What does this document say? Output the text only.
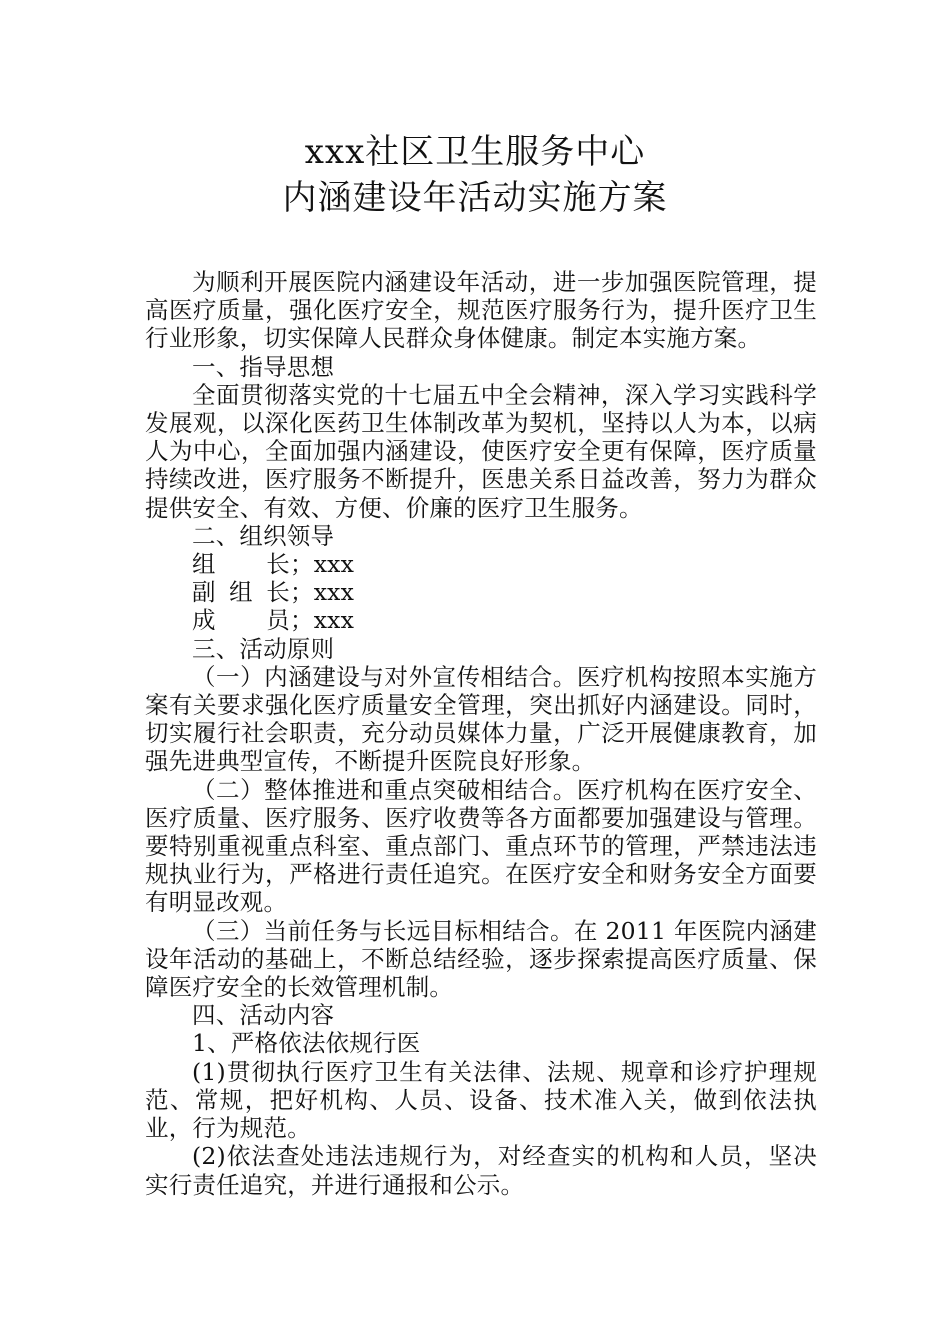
xxx社区卫生服务中心
内涵建设年活动实施方案

为顺利开展医院内涵建设年活动，进一步加强医院管理，提高医疗质量，强化医疗安全，规范医疗服务行为，提升医疗卫生行业形象，切实保障人民群众身体健康。制定本实施方案。

一、指导思想

全面贯彻落实党的十七届五中全会精神，深入学习实践科学发展观，以深化医药卫生体制改革为契机，坚持以人为本，以病人为中心，全面加强内涵建设，使医疗安全更有保障，医疗质量持续改进，医疗服务不断提升，医患关系日益改善，努力为群众提供安全、有效、方便、价廉的医疗卫生服务。

二、组织领导

组 长；xxx

副组长；xxx

成 员；xxx

三、活动原则

（一）内涵建设与对外宣传相结合。医疗机构按照本实施方案有关要求强化医疗质量安全管理，突出抓好内涵建设。同时，切实履行社会职责，充分动员媒体力量，广泛开展健康教育，加强先进典型宣传，不断提升医院良好形象。

（二）整体推进和重点突破相结合。医疗机构在医疗安全、医疗质量、医疗服务、医疗收费等各方面都要加强建设与管理。要特别重视重点科室、重点部门、重点环节的管理，严禁违法违规执业行为，严格进行责任追究。在医疗安全和财务安全方面要有明显改观。

（三）当前任务与长远目标相结合。在 2011 年医院内涵建设年活动的基础上，不断总结经验，逐步探索提高医疗质量、保障医疗安全的长效管理机制。

四、活动内容

1、严格依法依规行医

(1)贯彻执行医疗卫生有关法律、法规、规章和诊疗护理规范、常规，把好机构、人员、设备、技术准入关，做到依法执业，行为规范。

(2)依法查处违法违规行为，对经查实的机构和人员，坚决实行责任追究，并进行通报和公示。
